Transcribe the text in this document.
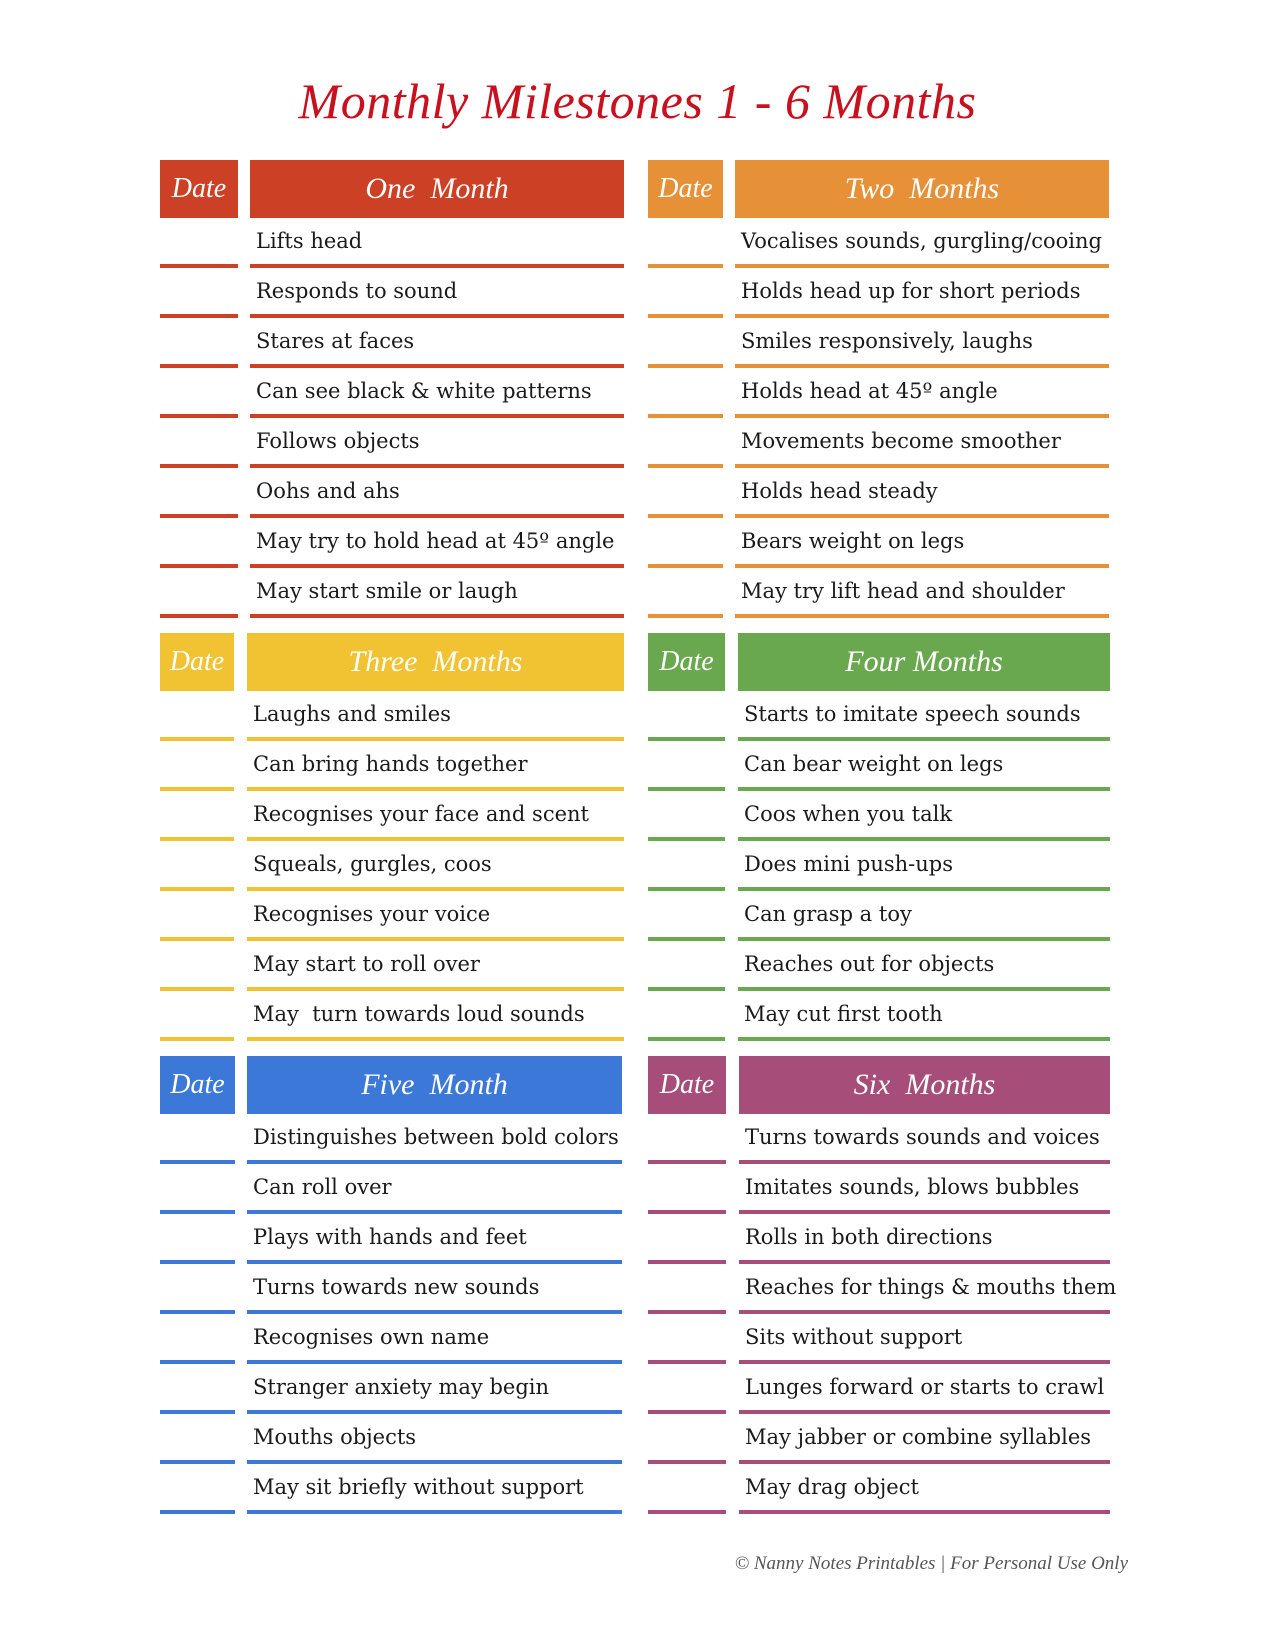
Monthly Milestones 1 - 6 Months
Date	One  Month
Lifts head
Responds to sound
Stares at faces
Can see black & white patterns
Follows objects
Oohs and ahs
May try to hold head at 45º angle
May start smile or laugh
Date	Two  Months
Vocalises sounds, gurgling/cooing
Holds head up for short periods
Smiles responsively, laughs
Holds head at 45º angle
Movements become smoother
Holds head steady
Bears weight on legs
May try lift head and shoulder
Date	Three  Months
Laughs and smiles
Can bring hands together
Recognises your face and scent
Squeals, gurgles, coos
Recognises your voice
May start to roll over
May  turn towards loud sounds
Date	Four Months
Starts to imitate speech sounds
Can bear weight on legs
Coos when you talk
Does mini push-ups
Can grasp a toy
Reaches out for objects
May cut first tooth
Date	Five  Month
Distinguishes between bold colors
Can roll over
Plays with hands and feet
Turns towards new sounds
Recognises own name
Stranger anxiety may begin
Mouths objects
May sit briefly without support
Date	Six  Months
Turns towards sounds and voices
Imitates sounds, blows bubbles
Rolls in both directions
Reaches for things & mouths them
Sits without support
Lunges forward or starts to crawl
May jabber or combine syllables
May drag object
© Nanny Notes Printables | For Personal Use Only
